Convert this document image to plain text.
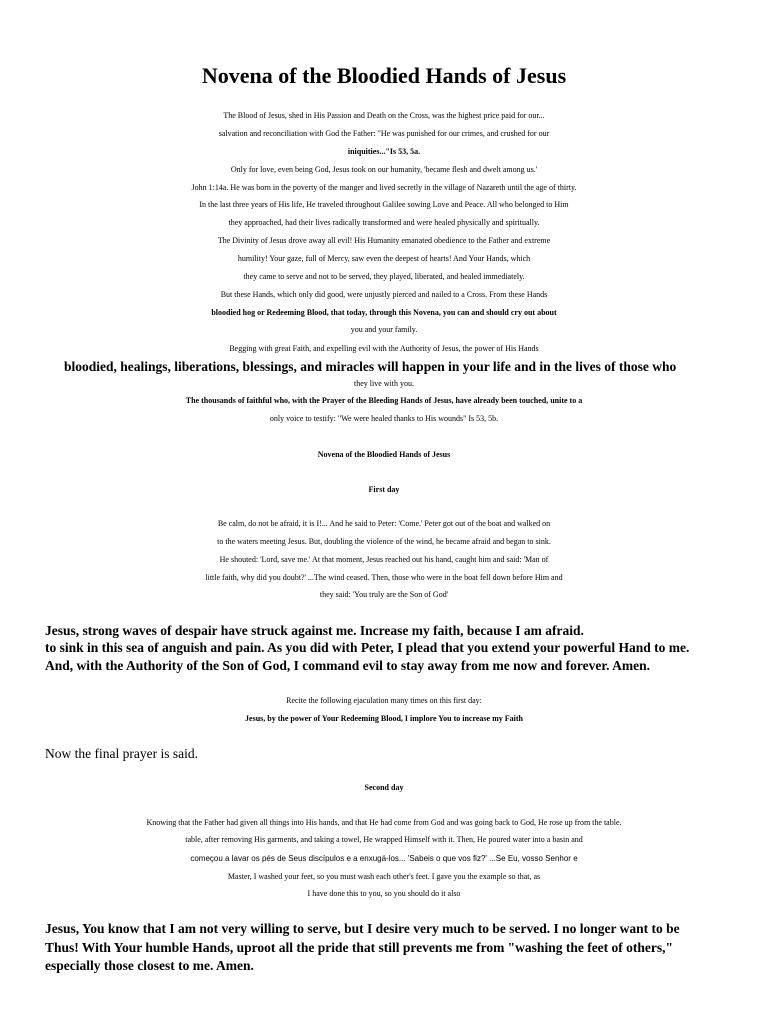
Novena of the Bloodied Hands of Jesus
The Blood of Jesus, shed in His Passion and Death on the Cross, was the highest price paid for our...
salvation and reconciliation with God the Father: "He was punished for our crimes, and crushed for our
iniquities..."Is 53, 5a.
Only for love, even being God, Jesus took on our humanity, 'became flesh and dwelt among us.'
John 1:14a. He was born in the poverty of the manger and lived secretly in the village of Nazareth until the age of thirty.
In the last three years of His life, He traveled throughout Galilee sowing Love and Peace. All who belonged to Him
they approached, had their lives radically transformed and were healed physically and spiritually.
The Divinity of Jesus drove away all evil! His Humanity emanated obedience to the Father and extreme
humility! Your gaze, full of Mercy, saw even the deepest of hearts! And Your Hands, which
they came to serve and not to be served, they played, liberated, and healed immediately.
But these Hands, which only did good, were unjustly pierced and nailed to a Cross. From these Hands
bloodied hog or Redeeming Blood, that today, through this Novena, you can and should cry out about
you and your family.
Begging with great Faith, and expelling evil with the Authority of Jesus, the power of His Hands
bloodied, healings, liberations, blessings, and miracles will happen in your life and in the lives of those who
they live with you.
The thousands of faithful who, with the Prayer of the Bleeding Hands of Jesus, have already been touched, unite to a
only voice to testify: "We were healed thanks to His wounds" Is 53, 5b.
Novena of the Bloodied Hands of Jesus
First day
Be calm, do not be afraid, it is I!... And he said to Peter: 'Come.' Peter got out of the boat and walked on
to the waters meeting Jesus. But, doubling the violence of the wind, he became afraid and began to sink.
He shouted: 'Lord, save me.' At that moment, Jesus reached out his hand, caught him and said: 'Man of
little faith, why did you doubt?' ...The wind ceased. Then, those who were in the boat fell down before Him and
they said: 'You truly are the Son of God'
Jesus, strong waves of despair have struck against me. Increase my faith, because I am afraid.
to sink in this sea of anguish and pain. As you did with Peter, I plead that you extend your powerful Hand to me.
And, with the Authority of the Son of God, I command evil to stay away from me now and forever. Amen.
Recite the following ejaculation many times on this first day:
Jesus, by the power of Your Redeeming Blood, I implore You to increase my Faith
Now the final prayer is said.
Second day
Knowing that the Father had given all things into His hands, and that He had come from God and was going back to God, He rose up from the table.
table, after removing His garments, and taking a towel, He wrapped Himself with it. Then, He poured water into a basin and
começou a lavar os pés de Seus discípulos e a enxugá-los... 'Sabeis o que vos fiz?' ...Se Eu, vosso Senhor e
Master, I washed your feet, so you must wash each other's feet. I gave you the example so that, as
I have done this to you, so you should do it also
Jesus, You know that I am not very willing to serve, but I desire very much to be served. I no longer want to be
Thus! With Your humble Hands, uproot all the pride that still prevents me from "washing the feet of others,"
especially those closest to me. Amen.
